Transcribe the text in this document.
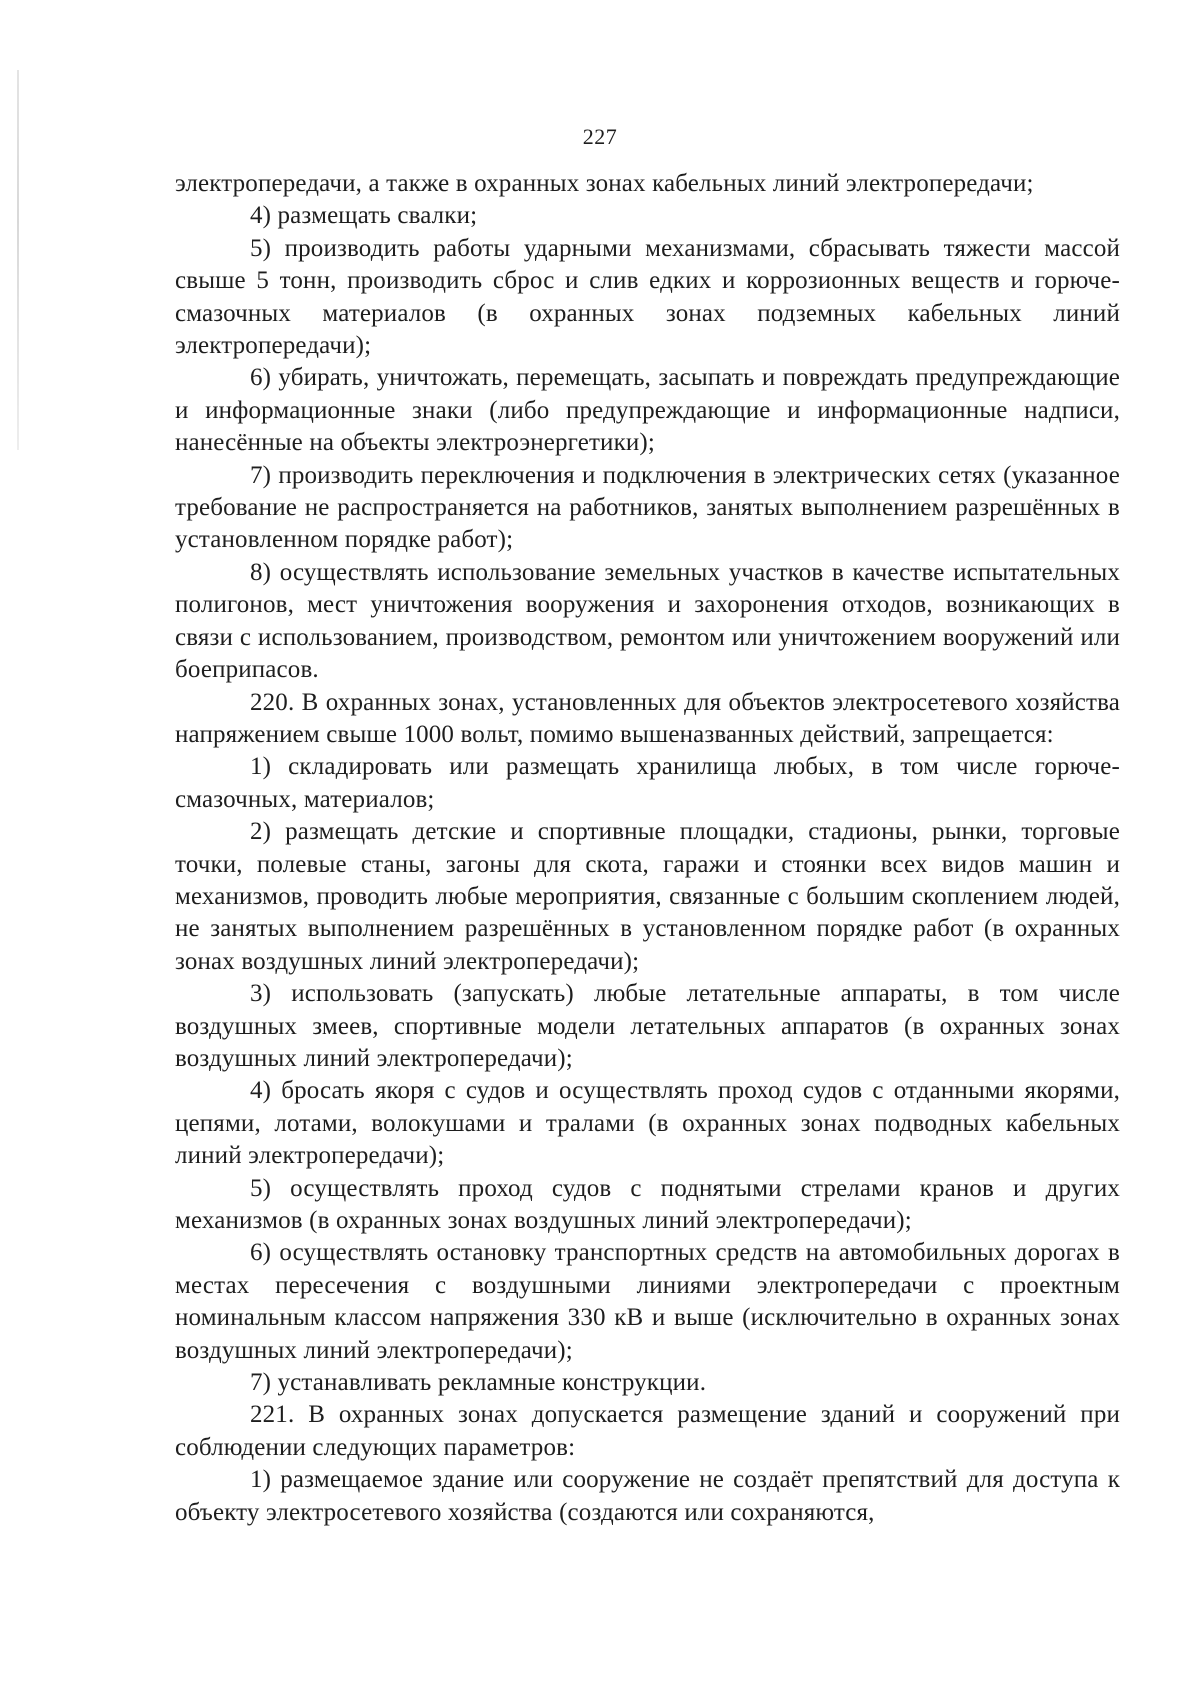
227

электропередачи, а также в охранных зонах кабельных линий электропередачи;

4) размещать свалки;

5) производить работы ударными механизмами, сбрасывать тяжести массой свыше 5 тонн, производить сброс и слив едких и коррозионных веществ и горюче-смазочных материалов (в охранных зонах подземных кабельных линий электропередачи);

6) убирать, уничтожать, перемещать, засыпать и повреждать предупреждающие и информационные знаки (либо предупреждающие и информационные надписи, нанесённые на объекты электроэнергетики);

7) производить переключения и подключения в электрических сетях (указанное требование не распространяется на работников, занятых выполнением разрешённых в установленном порядке работ);

8) осуществлять использование земельных участков в качестве испытательных полигонов, мест уничтожения вооружения и захоронения отходов, возникающих в связи с использованием, производством, ремонтом или уничтожением вооружений или боеприпасов.

220. В охранных зонах, установленных для объектов электросетевого хозяйства напряжением свыше 1000 вольт, помимо вышеназванных действий, запрещается:

1) складировать или размещать хранилища любых, в том числе горюче-смазочных, материалов;

2) размещать детские и спортивные площадки, стадионы, рынки, торговые точки, полевые станы, загоны для скота, гаражи и стоянки всех видов машин и механизмов, проводить любые мероприятия, связанные с большим скоплением людей, не занятых выполнением разрешённых в установленном порядке работ (в охранных зонах воздушных линий электропередачи);

3) использовать (запускать) любые летательные аппараты, в том числе воздушных змеев, спортивные модели летательных аппаратов (в охранных зонах воздушных линий электропередачи);

4) бросать якоря с судов и осуществлять проход судов с отданными якорями, цепями, лотами, волокушами и тралами (в охранных зонах подводных кабельных линий электропередачи);

5) осуществлять проход судов с поднятыми стрелами кранов и других механизмов (в охранных зонах воздушных линий электропередачи);

6) осуществлять остановку транспортных средств на автомобильных дорогах в местах пересечения с воздушными линиями электропередачи с проектным номинальным классом напряжения 330 кВ и выше (исключительно в охранных зонах воздушных линий электропередачи);

7) устанавливать рекламные конструкции.

221. В охранных зонах допускается размещение зданий и сооружений при соблюдении следующих параметров:

1) размещаемое здание или сооружение не создаёт препятствий для доступа к объекту электросетевого хозяйства (создаются или сохраняются,
